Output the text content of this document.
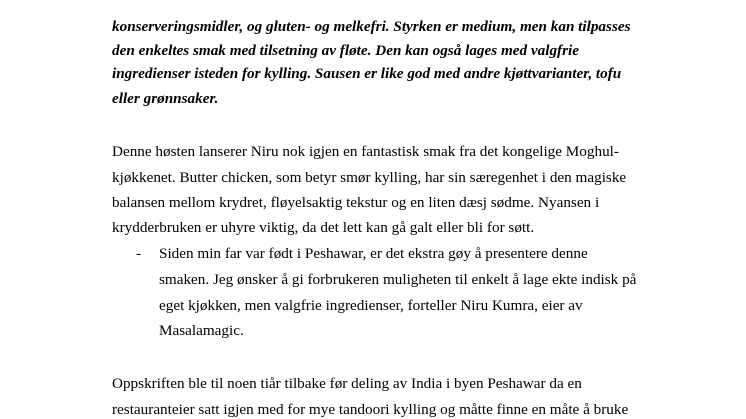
konserveringsmidler, og gluten- og melkefri. Styrken er medium, men kan tilpasses
den enkeltes smak med tilsetning av fløte. Den kan også lages med valgfrie
ingredienser isteden for kylling. Sausen er like god med andre kjøttvarianter, tofu
eller grønnsaker.
Denne høsten lanserer Niru nok igjen en fantastisk smak fra det kongelige Moghul-
kjøkkenet. Butter chicken, som betyr smør kylling, har sin særegenhet i den magiske
balansen mellom krydret, fløyelsaktig tekstur og en liten dæsj sødme. Nyansen i
krydderbruken er uhyre viktig, da det lett kan gå galt eller bli for søtt.
- Siden min far var født i Peshawar, er det ekstra gøy å presentere denne
smaken. Jeg ønsker å gi forbrukeren muligheten til enkelt å lage ekte indisk på
eget kjøkken, men valgfrie ingredienser, forteller Niru Kumra, eier av
Masalamagic.
Oppskriften ble til noen tiår tilbake før deling av India i byen Peshawar da en
restauranteier satt igjen med for mye tandoori kylling og måtte finne en måte å bruke
